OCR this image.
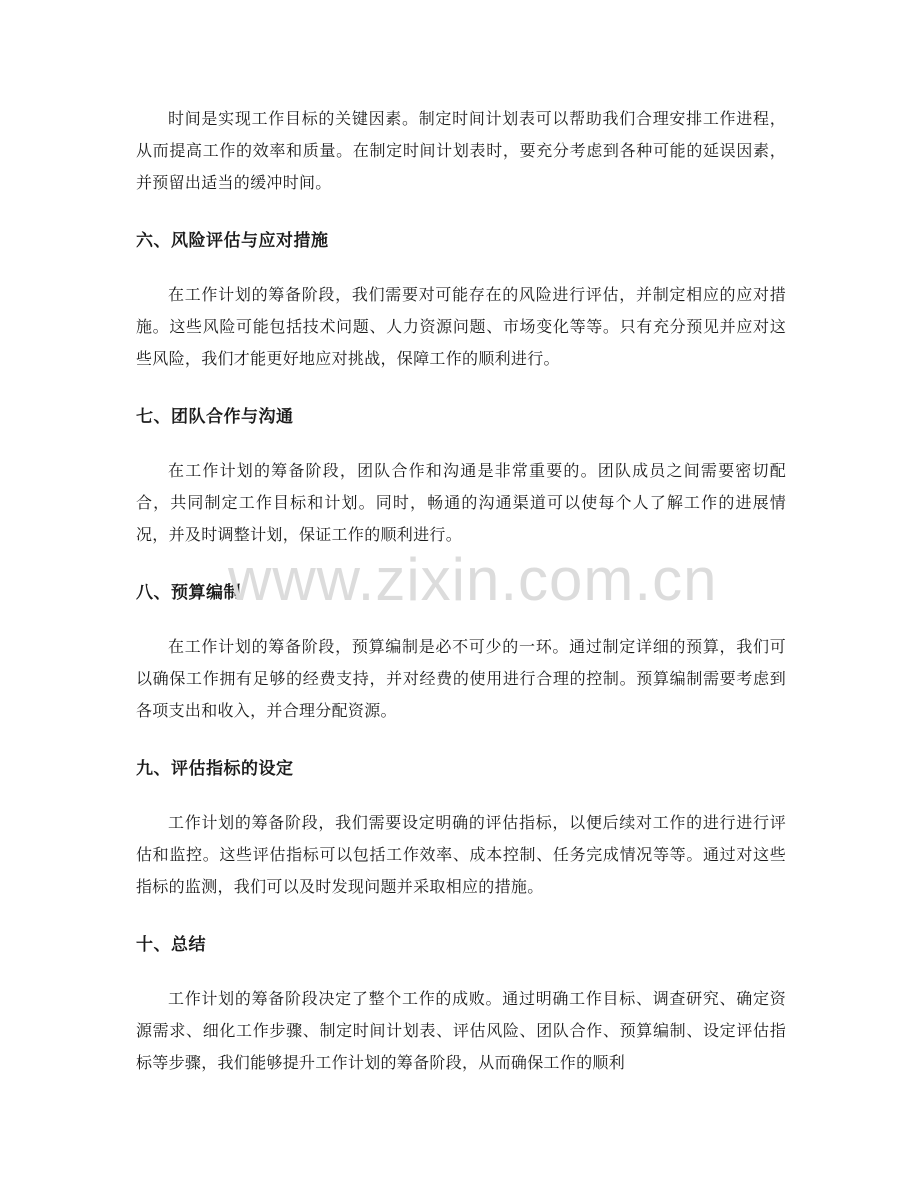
时间是实现工作目标的关键因素。制定时间计划表可以帮助我们合理安排工作进程，从而提高工作的效率和质量。在制定时间计划表时，要充分考虑到各种可能的延误因素，并预留出适当的缓冲时间。

六、风险评估与应对措施

在工作计划的筹备阶段，我们需要对可能存在的风险进行评估，并制定相应的应对措施。这些风险可能包括技术问题、人力资源问题、市场变化等等。只有充分预见并应对这些风险，我们才能更好地应对挑战，保障工作的顺利进行。

七、团队合作与沟通

在工作计划的筹备阶段，团队合作和沟通是非常重要的。团队成员之间需要密切配合，共同制定工作目标和计划。同时，畅通的沟通渠道可以使每个人了解工作的进展情况，并及时调整计划，保证工作的顺利进行。

八、预算编制

在工作计划的筹备阶段，预算编制是必不可少的一环。通过制定详细的预算，我们可以确保工作拥有足够的经费支持，并对经费的使用进行合理的控制。预算编制需要考虑到各项支出和收入，并合理分配资源。

九、评估指标的设定

工作计划的筹备阶段，我们需要设定明确的评估指标，以便后续对工作的进行进行评估和监控。这些评估指标可以包括工作效率、成本控制、任务完成情况等等。通过对这些指标的监测，我们可以及时发现问题并采取相应的措施。

十、总结

工作计划的筹备阶段决定了整个工作的成败。通过明确工作目标、调查研究、确定资源需求、细化工作步骤、制定时间计划表、评估风险、团队合作、预算编制、设定评估指标等步骤，我们能够提升工作计划的筹备阶段，从而确保工作的顺利

www.zixin.com.cn
